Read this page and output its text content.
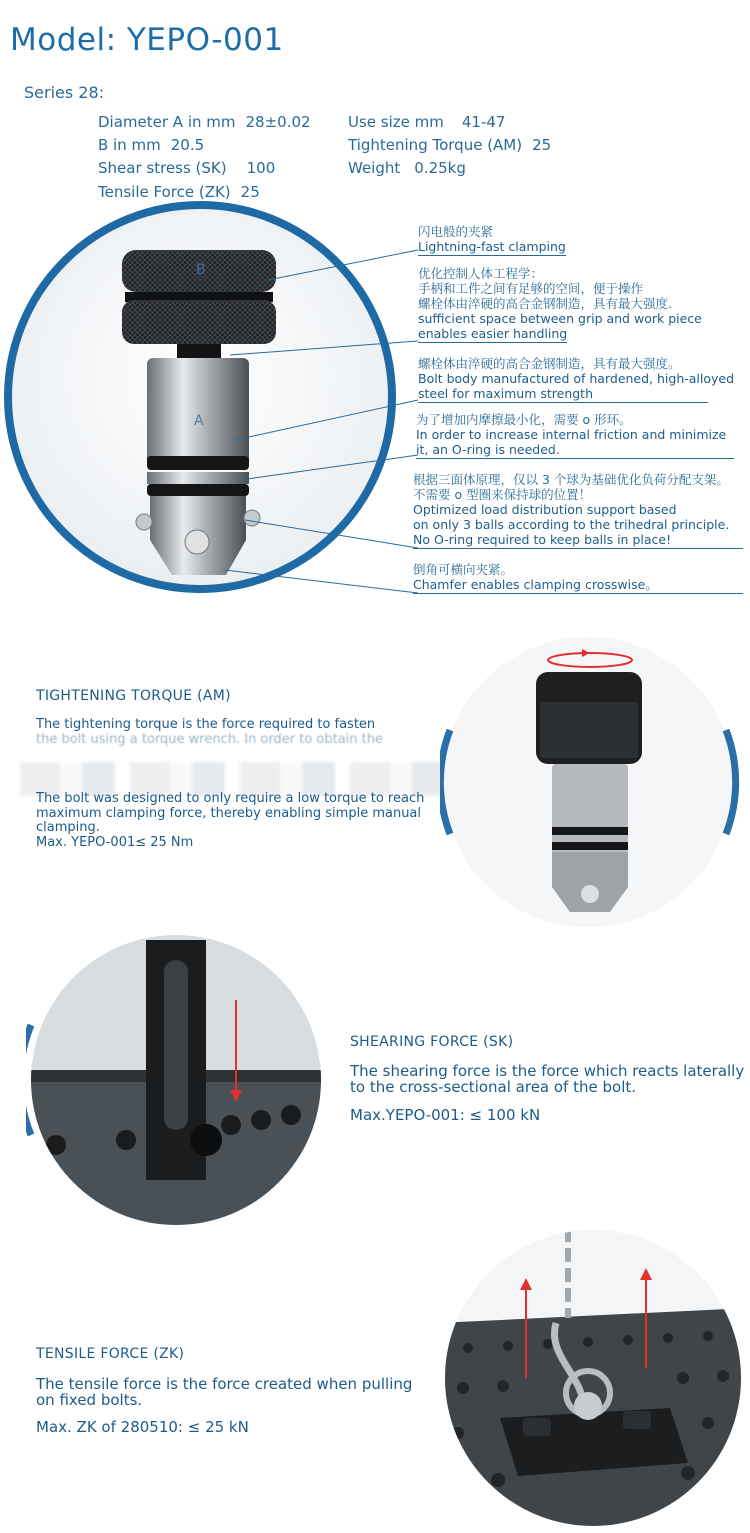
Model: YEPO-001
Series 28:
Diameter A in mm 28±0.02
B in mm 20.5
Shear stress (SK) 100
Tensile Force (ZK) 25
Use size mm 41-47
Tightening Torque (AM) 25
Weight 0.25kg
B
A
闪电般的夹紧
Lightning-fast clamping
优化控制人体工程学：
手柄和工件之间有足够的空间，便于操作
螺栓体由淬硬的高合金钢制造，具有最大强度.
sufficient space between grip and work piece
enables easier handling
螺栓体由淬硬的高合金钢制造，具有最大强度。
Bolt body manufactured of hardened, high-alloyed
steel for maximum strength
为了增加内摩擦最小化，需要 o 形环。
In order to increase internal friction and minimize
it, an O-ring is needed.
根据三面体原理，仅以 3 个球为基础优化负荷分配支架。
不需要 o 型圈来保持球的位置！
Optimized load distribution support based
on only 3 balls according to the trihedral principle.
No O-ring required to keep balls in place!
倒角可横向夹紧。
Chamfer enables clamping crosswise。
TIGHTENING TORQUE (AM)
The tightening torque is the force required to fasten
the bolt using a torque wrench. In order to obtain the
The bolt was designed to only require a low torque to reach
maximum clamping force, thereby enabling simple manual
clamping.
Max. YEPO-001≤ 25 Nm
SHEARING FORCE (SK)
The shearing force is the force which reacts laterally
to the cross-sectional area of the bolt.
Max.YEPO-001: ≤ 100 kN
TENSILE FORCE (ZK)
The tensile force is the force created when pulling
on fixed bolts.
Max. ZK of 280510: ≤ 25 kN
